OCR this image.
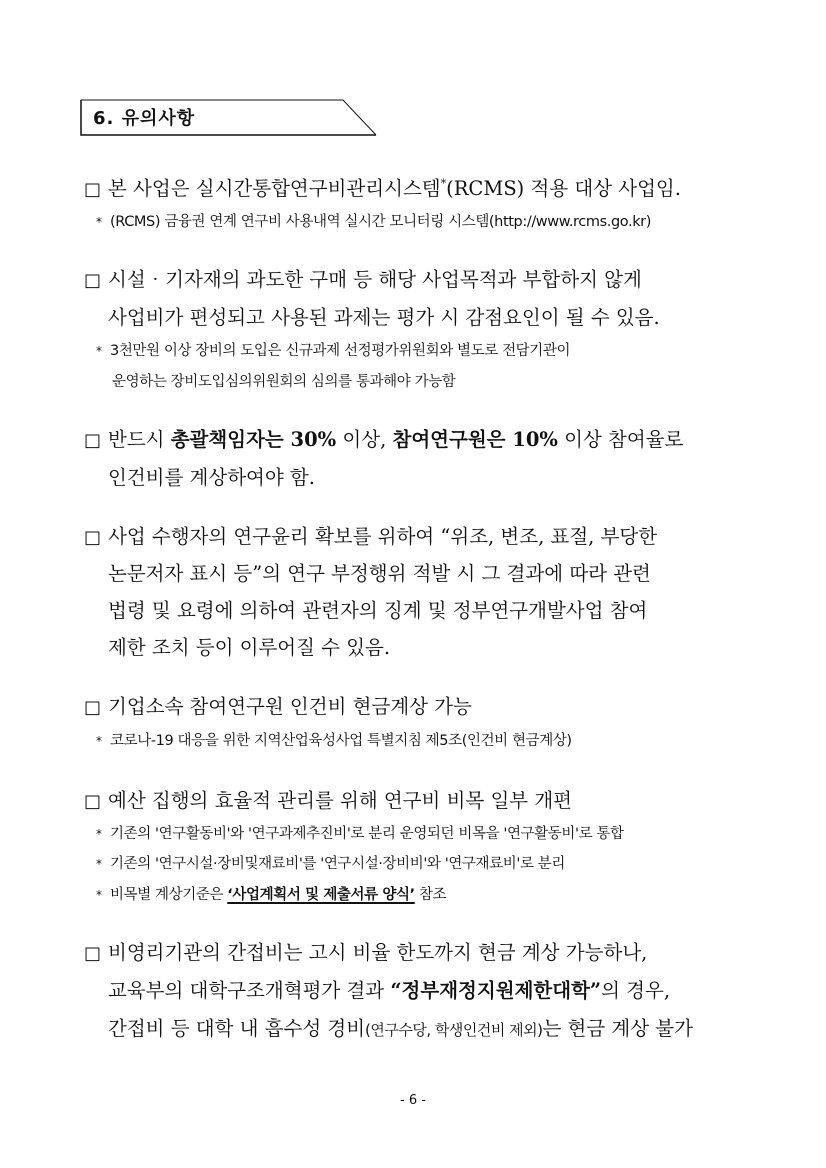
6. 유의사항
□ 본 사업은 실시간통합연구비관리시스템*(RCMS) 적용 대상 사업임.
* (RCMS) 금융권 연계 연구비 사용내역 실시간 모니터링 시스템(http://www.rcms.go.kr)
□ 시설‧기자재의 과도한 구매 등 해당 사업목적과 부합하지 않게
사업비가 편성되고 사용된 과제는 평가 시 감점요인이 될 수 있음.
* 3천만원 이상 장비의 도입은 신규과제 선정평가위원회와 별도로 전담기관이
운영하는 장비도입심의위원회의 심의를 통과해야 가능함
□ 반드시 총괄책임자는 30% 이상, 참여연구원은 10% 이상 참여율로
인건비를 계상하여야 함.
□ 사업 수행자의 연구윤리 확보를 위하여 “위조, 변조, 표절, 부당한
논문저자 표시 등”의 연구 부정행위 적발 시 그 결과에 따라 관련
법령 및 요령에 의하여 관련자의 징계 및 정부연구개발사업 참여
제한 조치 등이 이루어질 수 있음.
□ 기업소속 참여연구원 인건비 현금계상 가능
* 코로나-19 대응을 위한 지역산업육성사업 특별지침 제5조(인건비 현금계상)
□ 예산 집행의 효율적 관리를 위해 연구비 비목 일부 개편
* 기존의 '연구활동비'와 '연구과제추진비'로 분리 운영되던 비목을 '연구활동비'로 통합
* 기존의 '연구시설·장비및재료비'를 '연구시설·장비비'와 '연구재료비'로 분리
* 비목별 계상기준은 ‘사업계획서 및 제출서류 양식’ 참조
□ 비영리기관의 간접비는 고시 비율 한도까지 현금 계상 가능하나,
교육부의 대학구조개혁평가 결과 “정부재정지원제한대학”의 경우,
간접비 등 대학 내 흡수성 경비(연구수당, 학생인건비 제외)는 현금 계상 불가
- 6 -
